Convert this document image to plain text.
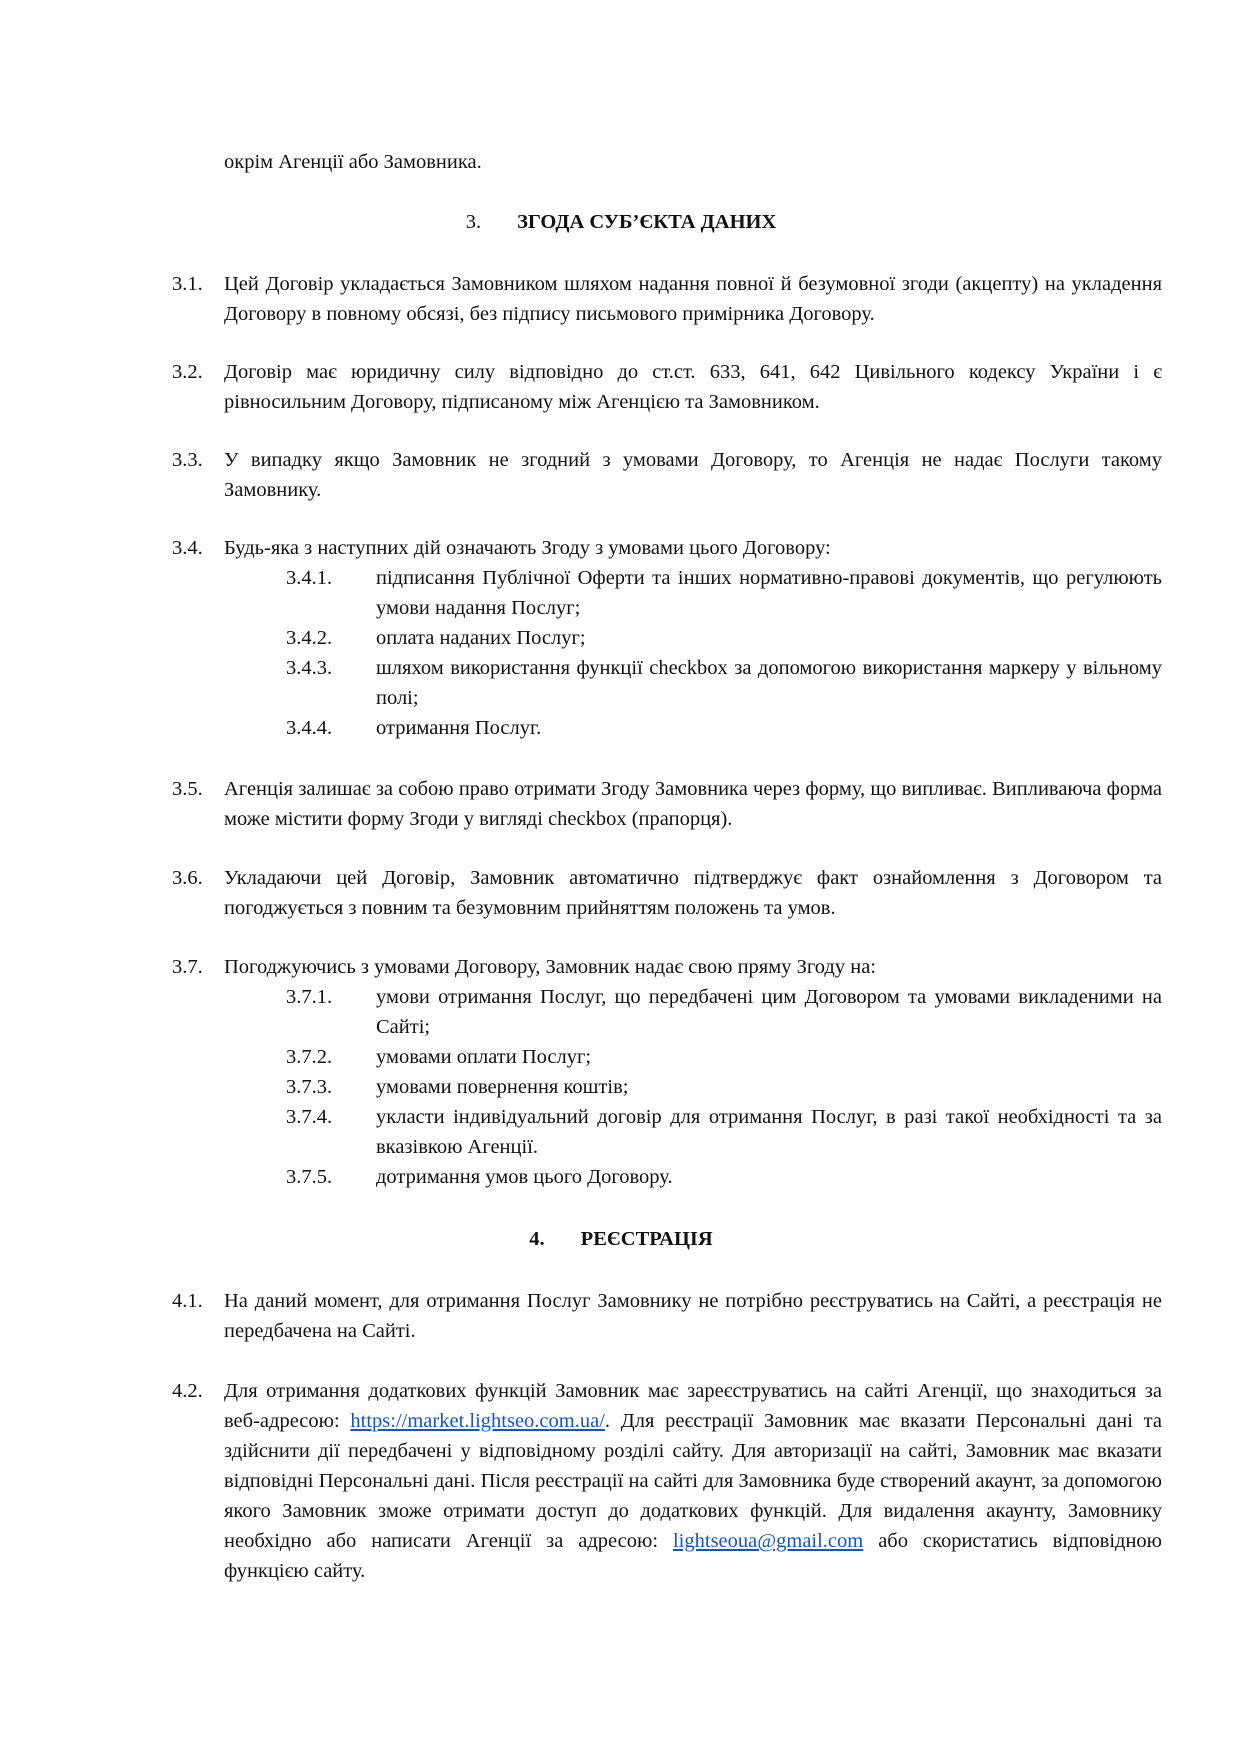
окрім Агенції або Замовника.
3. ЗГОДА СУБ’ЄКТА ДАНИХ
3.1. Цей Договір укладається Замовником шляхом надання повної й безумовної згоди (акцепту) на укладення Договору в повному обсязі, без підпису письмового примірника Договору.
3.2. Договір має юридичну силу відповідно до ст.ст. 633, 641, 642 Цивільного кодексу України і є рівносильним Договору, підписаному між Агенцією та Замовником.
3.3. У випадку якщо Замовник не згодний з умовами Договору, то Агенція не надає Послуги такому Замовнику.
3.4. Будь-яка з наступних дій означають Згоду з умовами цього Договору:
3.4.1. підписання Публічної Оферти та інших нормативно-правові документів, що регулюють умови надання Послуг;
3.4.2. оплата наданих Послуг;
3.4.3. шляхом використання функції checkbox за допомогою використання маркеру у вільному полі;
3.4.4. отримання Послуг.
3.5. Агенція залишає за собою право отримати Згоду Замовника через форму, що випливає. Випливаюча форма може містити форму Згоди у вигляді checkbox (прапорця).
3.6. Укладаючи цей Договір, Замовник автоматично підтверджує факт ознайомлення з Договором та погоджується з повним та безумовним прийняттям положень та умов.
3.7. Погоджуючись з умовами Договору, Замовник надає свою пряму Згоду на:
3.7.1. умови отримання Послуг, що передбачені цим Договором та умовами викладеними на Сайті;
3.7.2. умовами оплати Послуг;
3.7.3. умовами повернення коштів;
3.7.4. укласти індивідуальний договір для отримання Послуг, в разі такої необхідності та за вказівкою Агенції.
3.7.5. дотримання умов цього Договору.
4. РЕЄСТРАЦІЯ
4.1. На даний момент, для отримання Послуг Замовнику не потрібно реєструватись на Сайті, а реєстрація не передбачена на Сайті.
4.2. Для отримання додаткових функцій Замовник має зареєструватись на сайті Агенції, що знаходиться за веб-адресою: https://market.lightseo.com.ua/. Для реєстрації Замовник має вказати Персональні дані та здійснити дії передбачені у відповідному розділі сайту. Для авторизації на сайті, Замовник має вказати відповідні Персональні дані. Після реєстрації на сайті для Замовника буде створений акаунт, за допомогою якого Замовник зможе отримати доступ до додаткових функцій. Для видалення акаунту, Замовнику необхідно або написати Агенції за адресою: lightseoua@gmail.com або скористатись відповідною функцією сайту.
